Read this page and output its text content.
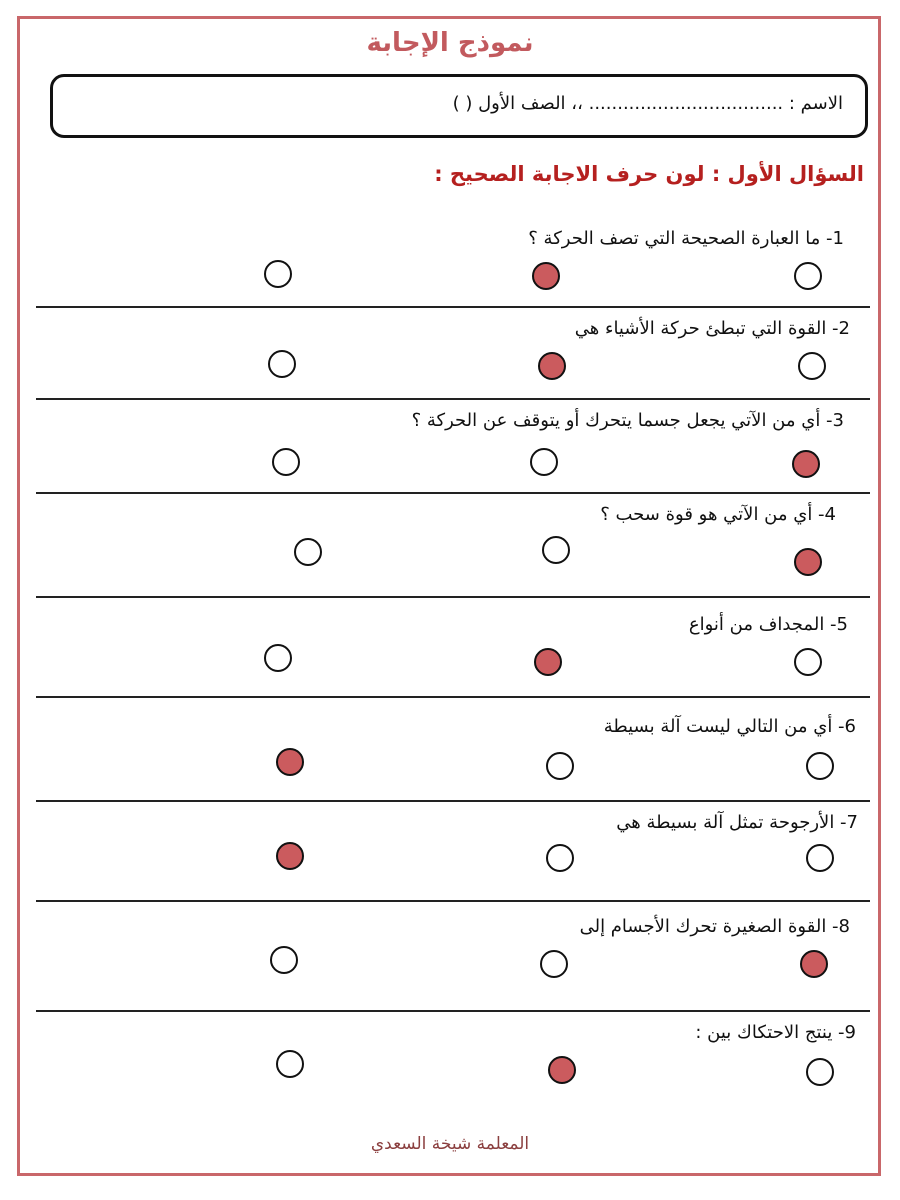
نموذج الإجابة
الاسم : .................................. ،، الصف الأول ( )
السؤال الأول : لون حرف الاجابة الصحيح :
1- ما العبارة الصحيحة التي تصف الحركة ؟
2- القوة التي تبطئ حركة الأشياء هي
3- أي من الآتي يجعل جسما يتحرك أو يتوقف عن الحركة ؟
4- أي من الآتي هو قوة سحب ؟
5- المجداف من أنواع
6- أي من التالي ليست آلة بسيطة
7- الأرجوحة تمثل آلة بسيطة هي
8- القوة الصغيرة تحرك الأجسام إلى
9- ينتج الاحتكاك بين :
المعلمة شيخة السعدي
